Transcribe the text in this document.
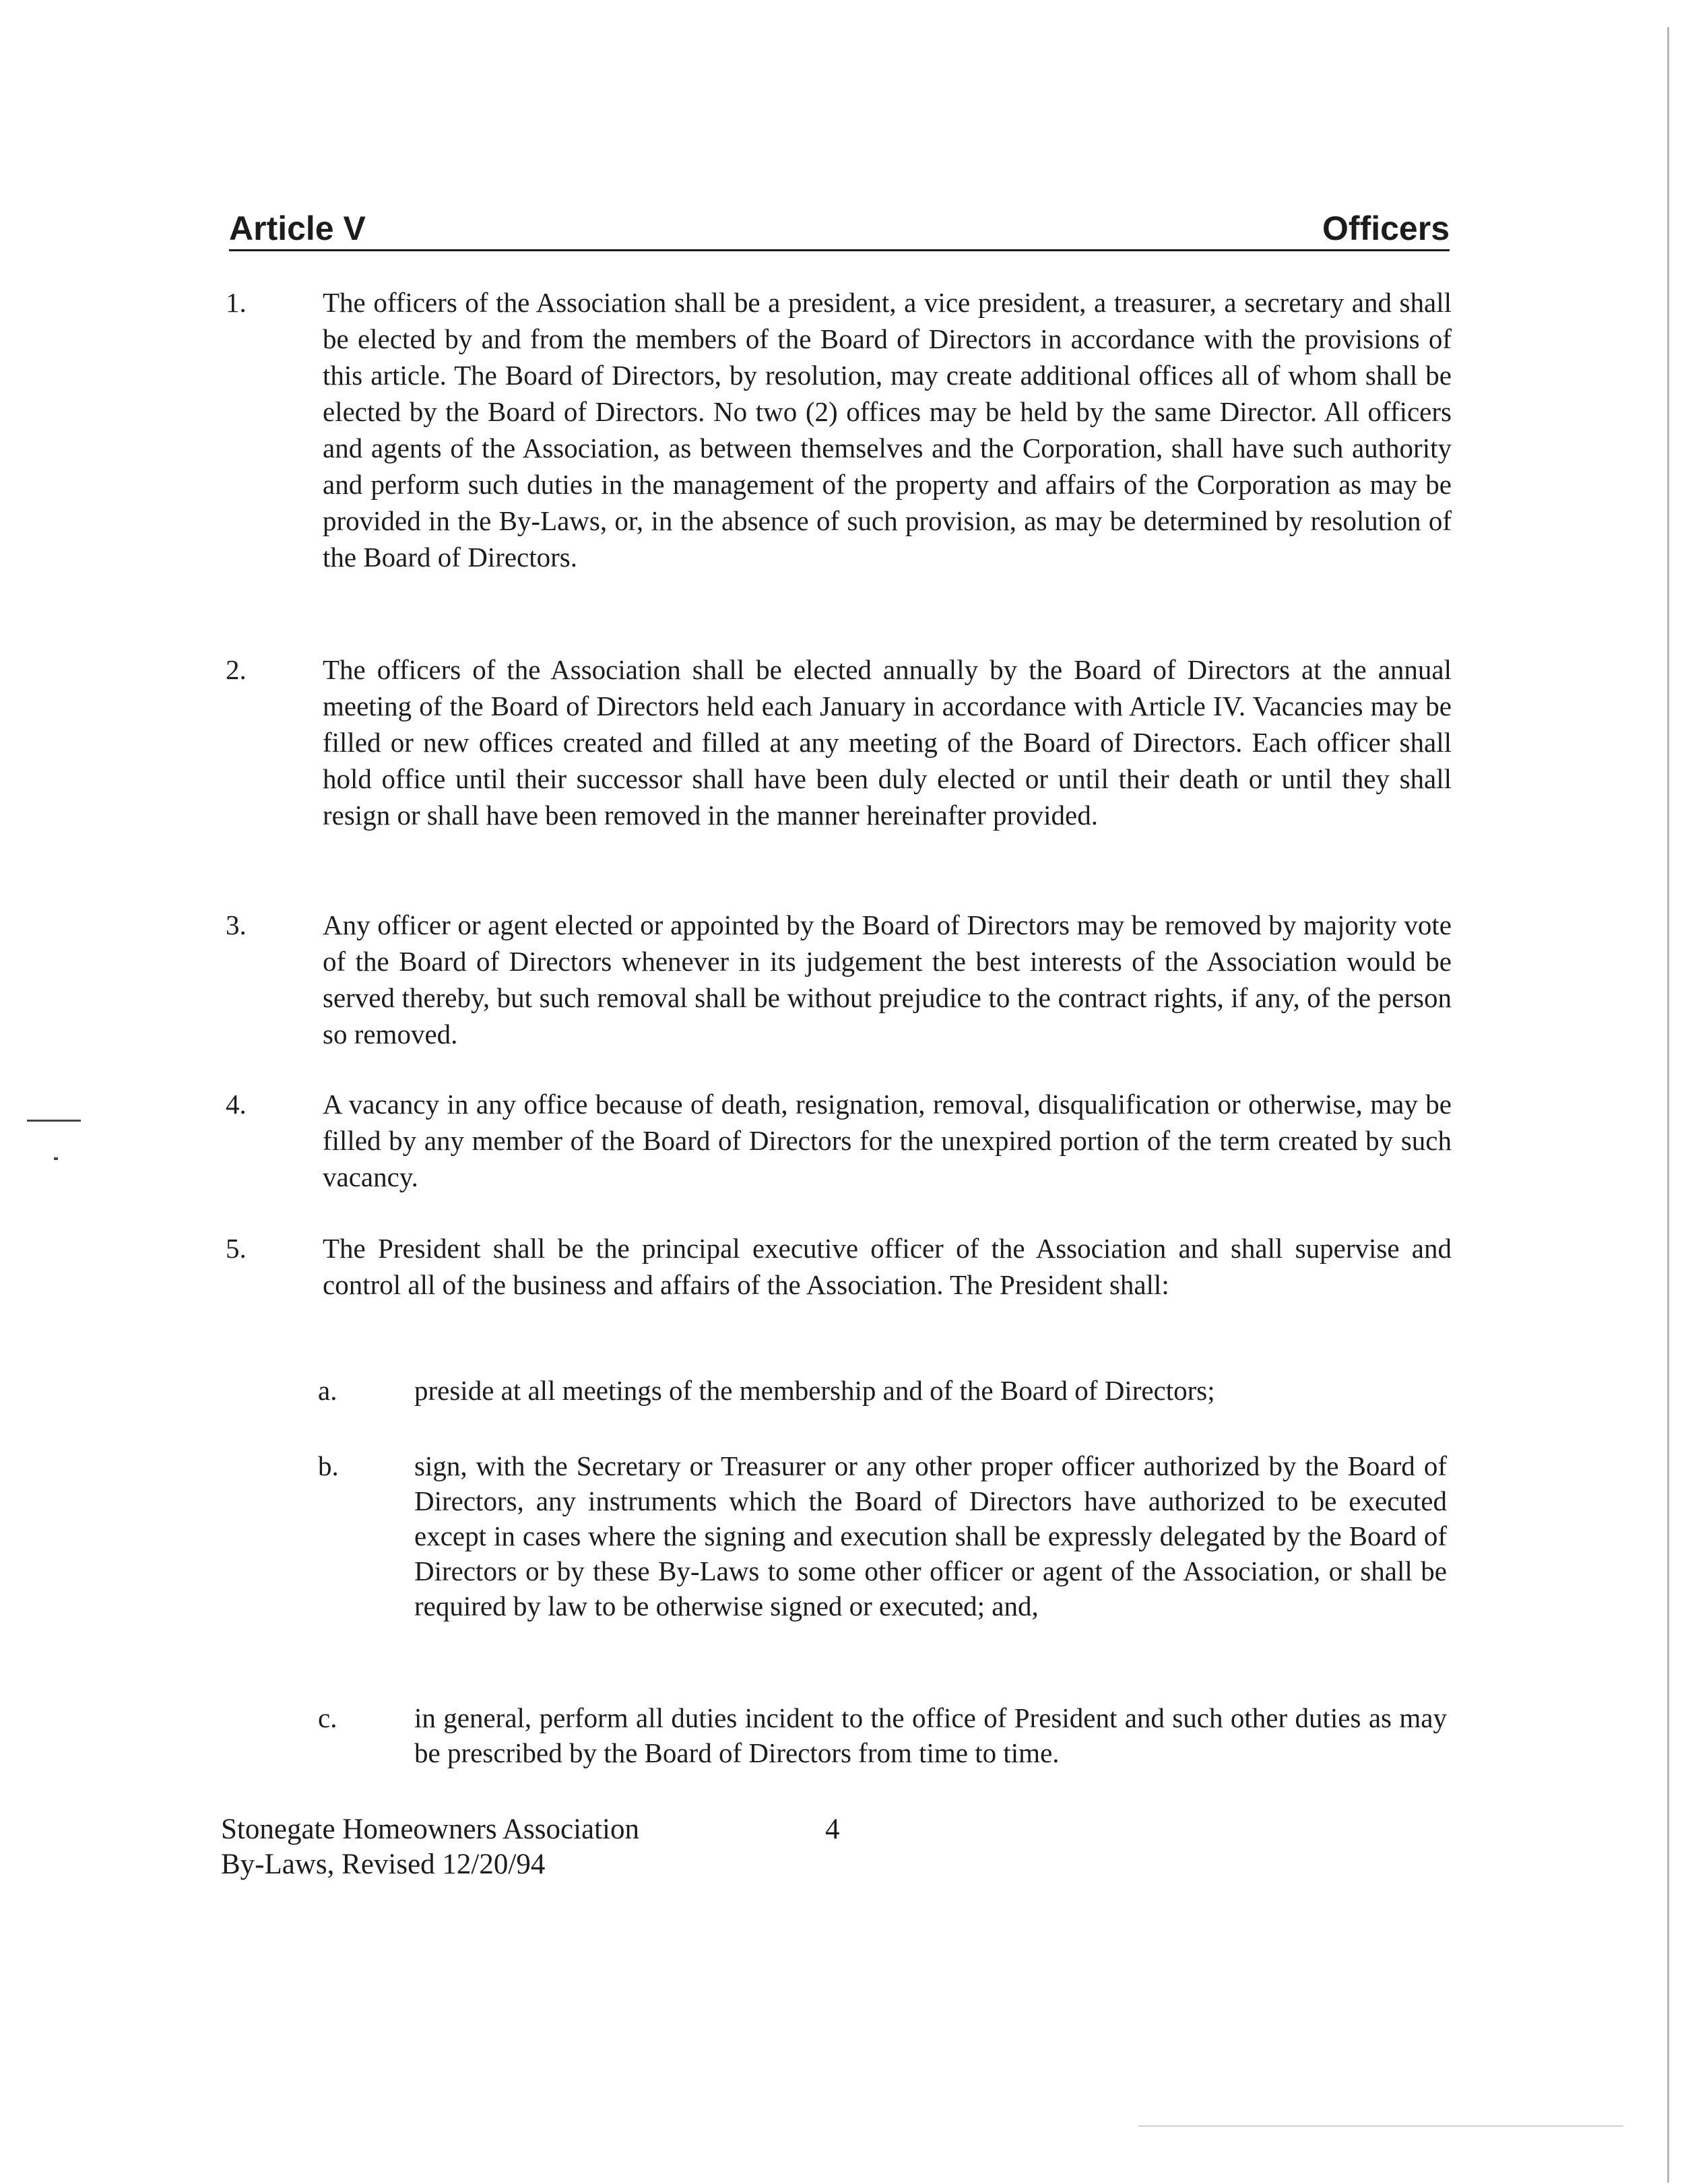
Article V	Officers
1.	The officers of the Association shall be a president, a vice president, a treasurer, a secretary and shall be elected by and from the members of the Board of Directors in accordance with the provisions of this article. The Board of Directors, by resolution, may create additional offices all of whom shall be elected by the Board of Directors. No two (2) offices may be held by the same Director. All officers and agents of the Association, as between themselves and the Corporation, shall have such authority and perform such duties in the management of the property and affairs of the Corporation as may be provided in the By-Laws, or, in the absence of such provision, as may be determined by resolution of the Board of Directors.
2.	The officers of the Association shall be elected annually by the Board of Directors at the annual meeting of the Board of Directors held each January in accordance with Article IV. Vacancies may be filled or new offices created and filled at any meeting of the Board of Directors. Each officer shall hold office until their successor shall have been duly elected or until their death or until they shall resign or shall have been removed in the manner hereinafter provided.
3.	Any officer or agent elected or appointed by the Board of Directors may be removed by majority vote of the Board of Directors whenever in its judgement the best interests of the Association would be served thereby, but such removal shall be without prejudice to the contract rights, if any, of the person so removed.
4.	A vacancy in any office because of death, resignation, removal, disqualification or otherwise, may be filled by any member of the Board of Directors for the unexpired portion of the term created by such vacancy.
5.	The President shall be the principal executive officer of the Association and shall supervise and control all of the business and affairs of the Association. The President shall:
a.	preside at all meetings of the membership and of the Board of Directors;
b.	sign, with the Secretary or Treasurer or any other proper officer authorized by the Board of Directors, any instruments which the Board of Directors have authorized to be executed except in cases where the signing and execution shall be expressly delegated by the Board of Directors or by these By-Laws to some other officer or agent of the Association, or shall be required by law to be otherwise signed or executed; and,
c.	in general, perform all duties incident to the office of President and such other duties as may be prescribed by the Board of Directors from time to time.
Stonegate Homeowners Association
By-Laws, Revised 12/20/94
4
